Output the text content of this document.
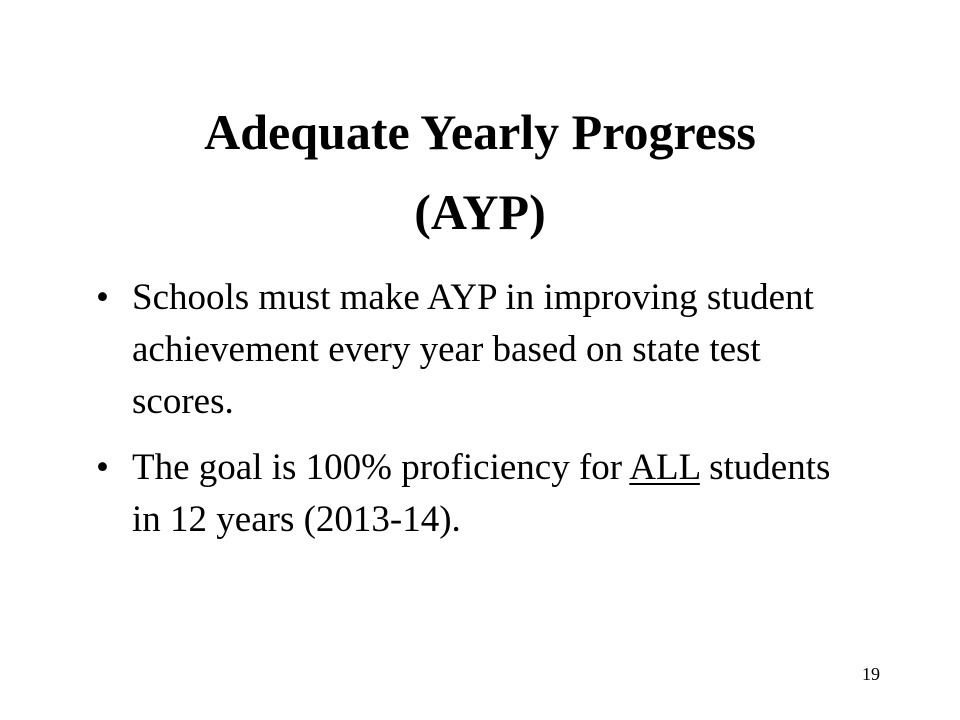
Adequate Yearly Progress
(AYP)
• Schools must make AYP in improving student achievement every year based on state test scores.
• The goal is 100% proficiency for ALL students in 12 years (2013-14).
19
